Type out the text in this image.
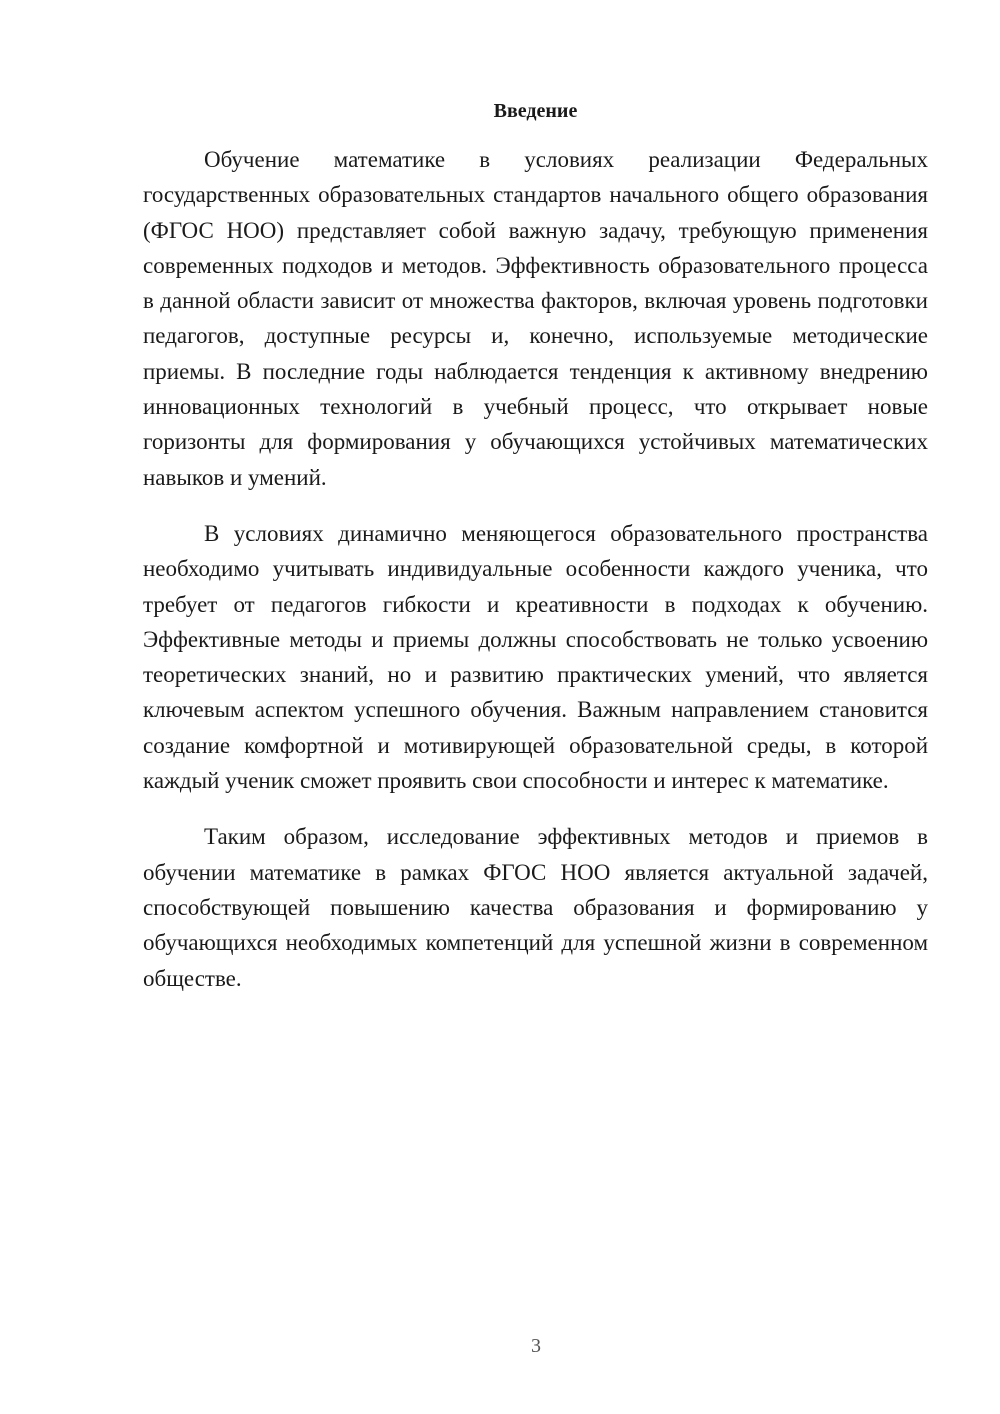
Введение

Обучение математике в условиях реализации Федеральных государственных образовательных стандартов начального общего образования (ФГОС НОО) представляет собой важную задачу, требующую применения современных подходов и методов. Эффективность образовательного процесса в данной области зависит от множества факторов, включая уровень подготовки педагогов, доступные ресурсы и, конечно, используемые методические приемы. В последние годы наблюдается тенденция к активному внедрению инновационных технологий в учебный процесс, что открывает новые горизонты для формирования у обучающихся устойчивых математических навыков и умений.

В условиях динамично меняющегося образовательного пространства необходимо учитывать индивидуальные особенности каждого ученика, что требует от педагогов гибкости и креативности в подходах к обучению. Эффективные методы и приемы должны способствовать не только усвоению теоретических знаний, но и развитию практических умений, что является ключевым аспектом успешного обучения. Важным направлением становится создание комфортной и мотивирующей образовательной среды, в которой каждый ученик сможет проявить свои способности и интерес к математике.

Таким образом, исследование эффективных методов и приемов в обучении математике в рамках ФГОС НОО является актуальной задачей, способствующей повышению качества образования и формированию у обучающихся необходимых компетенций для успешной жизни в современном обществе.

3
